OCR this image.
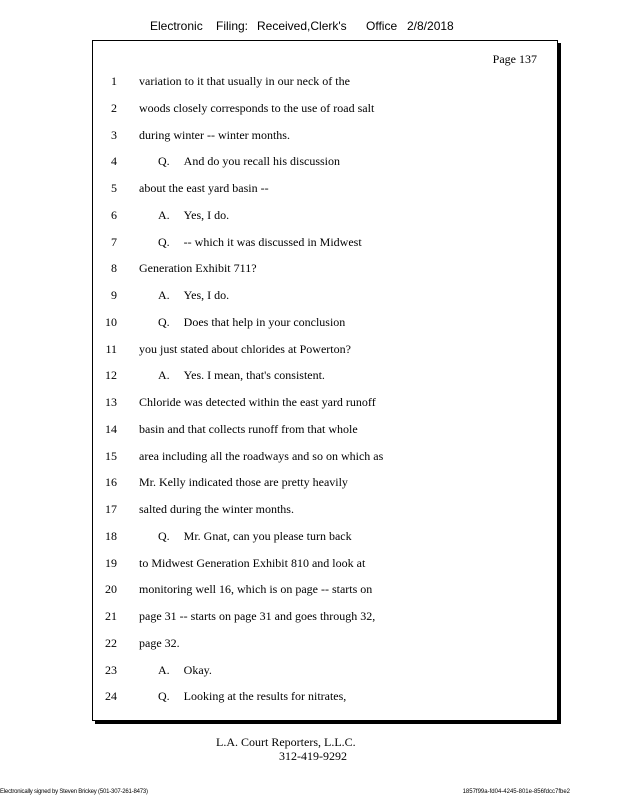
Electronic Filing: Received,Clerk's Office 2/8/2018
Page 137
1 variation to it that usually in our neck of the
2 woods closely corresponds to the use of road salt
3 during winter -- winter months.
4	Q. And do you recall his discussion
5 about the east yard basin --
6	A. Yes, I do.
7	Q. -- which it was discussed in Midwest
8 Generation Exhibit 711?
9	A. Yes, I do.
10	Q. Does that help in your conclusion
11 you just stated about chlorides at Powerton?
12	A. Yes. I mean, that's consistent.
13 Chloride was detected within the east yard runoff
14 basin and that collects runoff from that whole
15 area including all the roadways and so on which as
16 Mr. Kelly indicated those are pretty heavily
17 salted during the winter months.
18	Q. Mr. Gnat, can you please turn back
19 to Midwest Generation Exhibit 810 and look at
20 monitoring well 16, which is on page -- starts on
21 page 31 -- starts on page 31 and goes through 32,
22 page 32.
23	A. Okay.
24	Q. Looking at the results for nitrates,
L.A. Court Reporters, L.L.C.
312-419-9292
Electronically signed by Steven Brickey (501-307-261-8473)	1857f99a-fd04-4245-801e-856fdcc7fbe2
